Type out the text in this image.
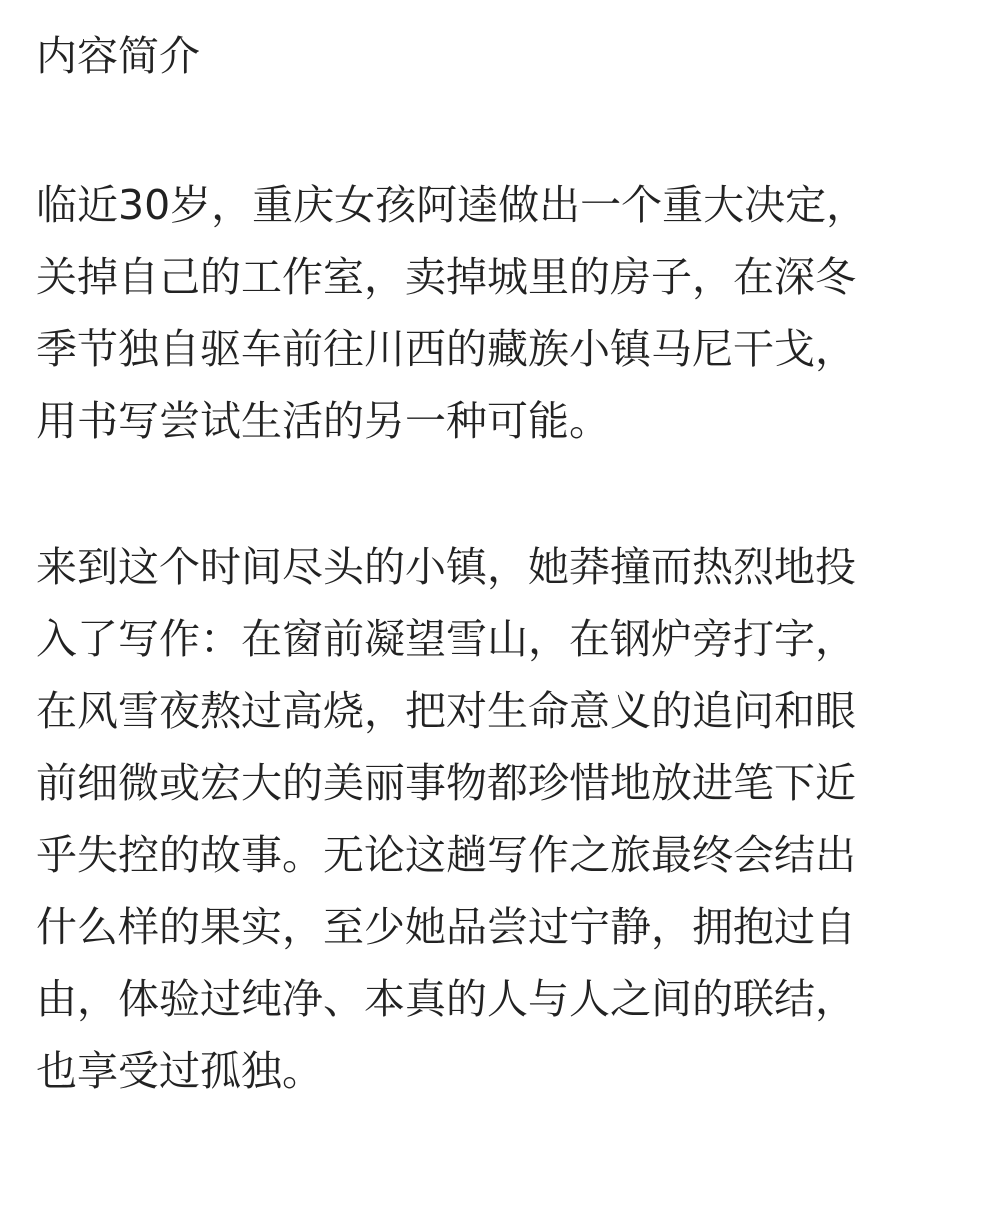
内容简介

临近30岁，重庆女孩阿逵做出一个重大决定，

关掉自己的工作室，卖掉城里的房子，在深冬

季节独自驱车前往川西的藏族小镇马尼干戈，

用书写尝试生活的另一种可能。

来到这个时间尽头的小镇，她莽撞而热烈地投

入了写作：在窗前凝望雪山，在钢炉旁打字，

在风雪夜熬过高烧，把对生命意义的追问和眼

前细微或宏大的美丽事物都珍惜地放进笔下近

乎失控的故事。无论这趟写作之旅最终会结出

什么样的果实，至少她品尝过宁静，拥抱过自

由，体验过纯净、本真的人与人之间的联结，

也享受过孤独。
